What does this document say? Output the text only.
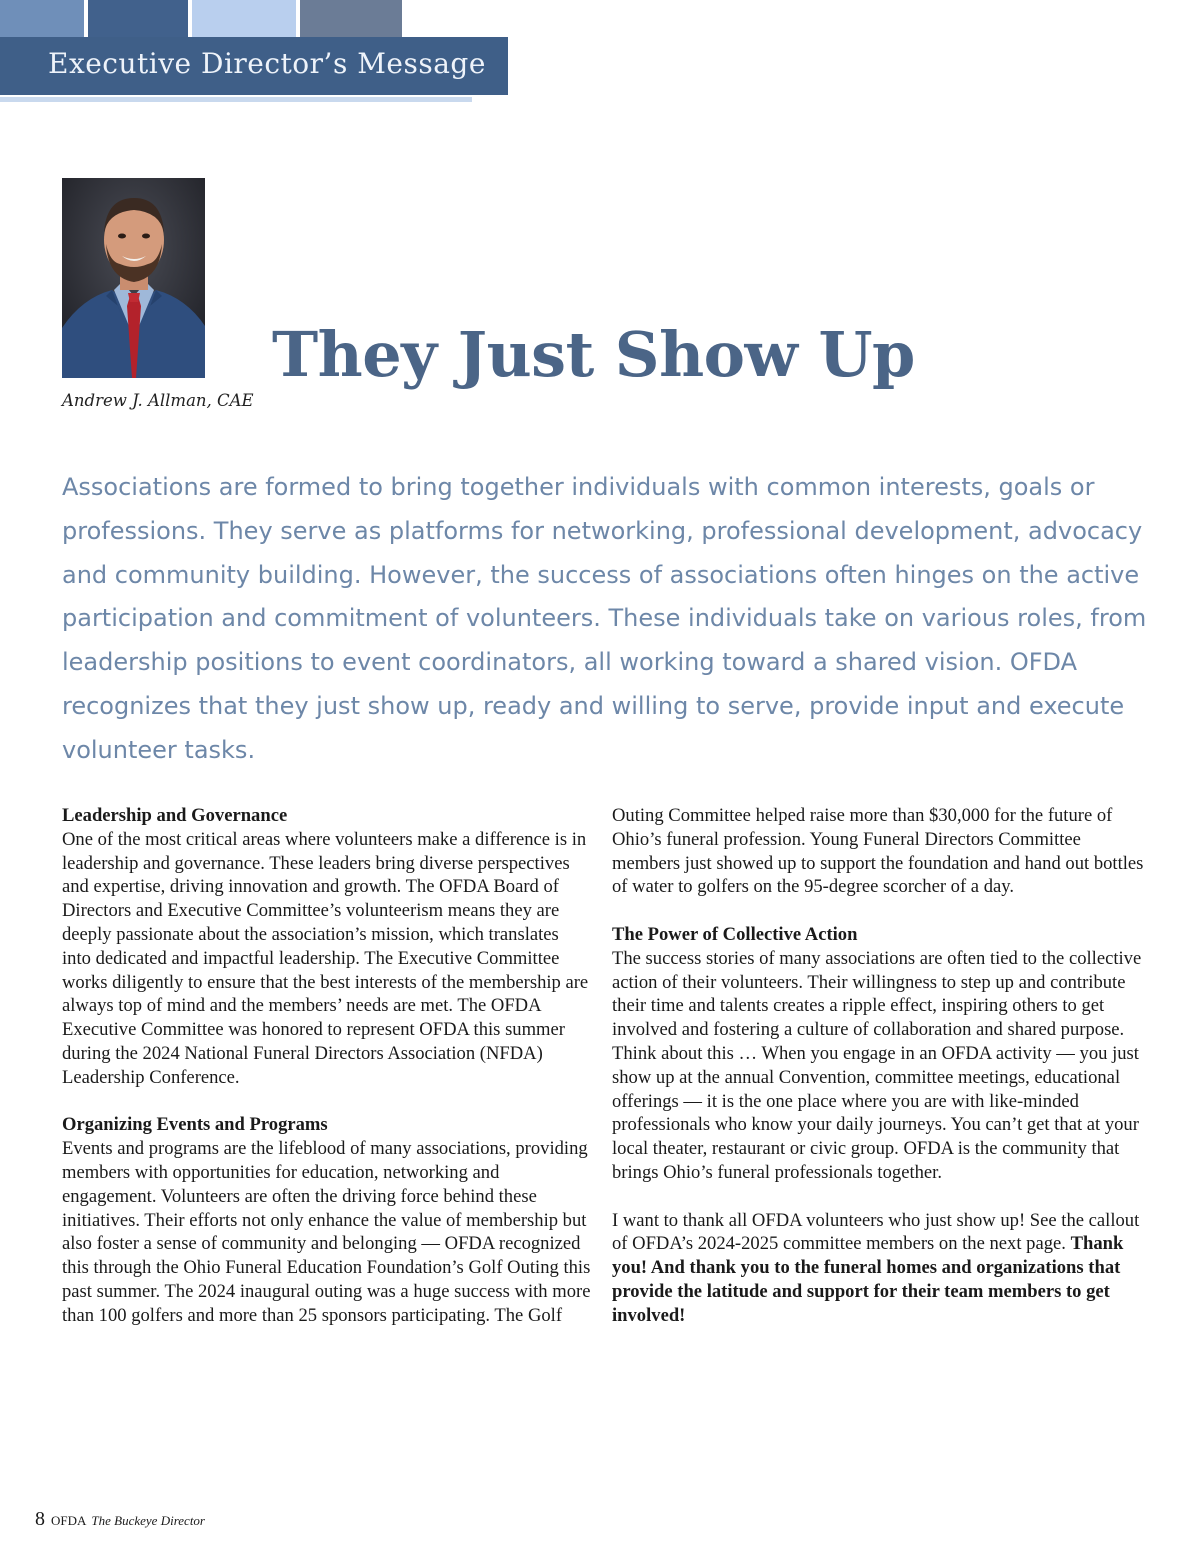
Executive Director’s Message
Andrew J. Allman, CAE
They Just Show Up

Associations are formed to bring together individuals with common interests, goals or professions. They serve as platforms for networking, professional development, advocacy and community building. However, the success of associations often hinges on the active participation and commitment of volunteers. These individuals take on various roles, from leadership positions to event coordinators, all working toward a shared vision. OFDA recognizes that they just show up, ready and willing to serve, provide input and execute volunteer tasks.

Leadership and Governance

One of the most critical areas where volunteers make a difference is in leadership and governance. These leaders bring diverse perspectives and expertise, driving innovation and growth. The OFDA Board of Directors and Executive Committee’s volunteerism means they are deeply passionate about the association’s mission, which translates into dedicated and impactful leadership. The Executive Committee works diligently to ensure that the best interests of the membership are always top of mind and the members’ needs are met. The OFDA Executive Committee was honored to represent OFDA this summer during the 2024 National Funeral Directors Association (NFDA) Leadership Conference.

Organizing Events and Programs

Events and programs are the lifeblood of many associations, providing members with opportunities for education, networking and engagement. Volunteers are often the driving force behind these initiatives. Their efforts not only enhance the value of membership but also foster a sense of community and belonging — OFDA recognized this through the Ohio Funeral Education Foundation’s Golf Outing this past summer. The 2024 inaugural outing was a huge success with more than 100 golfers and more than 25 sponsors participating. The Golf

Outing Committee helped raise more than $30,000 for the future of Ohio’s funeral profession. Young Funeral Directors Committee members just showed up to support the foundation and hand out bottles of water to golfers on the 95-degree scorcher of a day.

The Power of Collective Action

The success stories of many associations are often tied to the collective action of their volunteers. Their willingness to step up and contribute their time and talents creates a ripple effect, inspiring others to get involved and fostering a culture of collaboration and shared purpose. Think about this … When you engage in an OFDA activity — you just show up at the annual Convention, committee meetings, educational offerings — it is the one place where you are with like-minded professionals who know your daily journeys. You can’t get that at your local theater, restaurant or civic group. OFDA is the community that brings Ohio’s funeral professionals together.

I want to thank all OFDA volunteers who just show up! See the callout of OFDA’s 2024-2025 committee members on the next page. Thank you! And thank you to the funeral homes and organizations that provide the latitude and support for their team members to get involved!

8 OFDA The Buckeye Director
